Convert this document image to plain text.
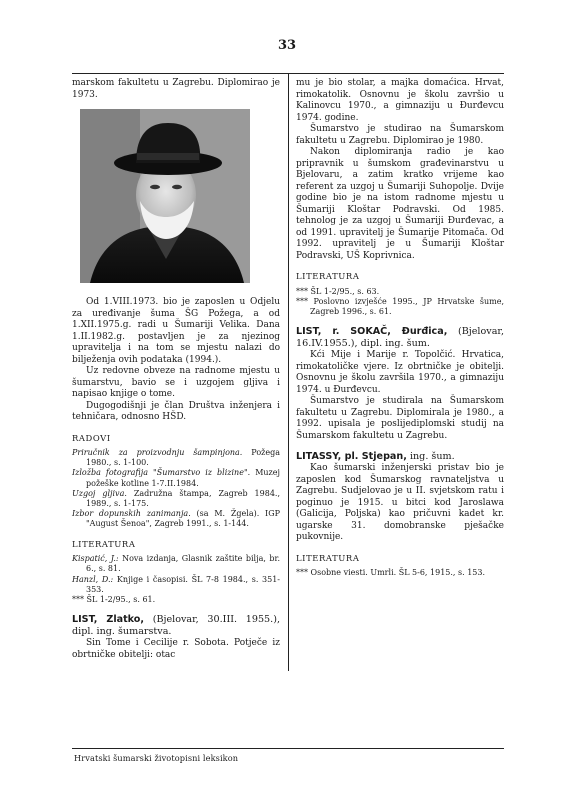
33

marskom fakultetu u Zagrebu. Diplomirao je 1973.

Od 1.VIII.1973. bio je zaposlen u Odjelu za uređivanje šuma ŠG Požega, a od 1.XII.1975.g. radi u Šumariji Velika. Dana 1.II.1982.g. postavljen je za njezinog upravitelja i na tom se mjestu nalazi do bilježenja ovih podataka (1994.).

Uz redovne obveze na radnome mjestu u šumarstvu, bavio se i uzgojem gljiva i napisao knjige o tome.

Dugogodišnji je član Društva inženjera i tehničara, odnosno HŠD.

RADOVI

Priručnik za proizvodnju šampinjona. Požega 1980., s. 1-100.

Izložba fotografija "Šumarstvo iz blizine". Muzej požeške kotline 1-7.II.1984.

Uzgoj gljiva. Zadružna štampa, Zagreb 1984., 1989., s. 1-175.

Izbor dopunskih zanimanja. (sa M. Žgela). IGP "August Šenoa", Zagreb 1991., s. 1-144.

LITERATURA

Kispatić, J.: Nova izdanja, Glasnik zaštite bilja, br. 6., s. 81.

Hanzl, D.: Knjige i časopisi. ŠL 7-8 1984., s. 351-353.

*** ŠL 1-2/95., s. 61.

LIST, Zlatko, (Bjelovar, 30.III. 1955.), dipl. ing. šumarstva.

Sin Tome i Cecilije r. Sobota. Potječe iz obrtničke obitelji: otac

mu je bio stolar, a majka domaćica. Hrvat, rimokatolik. Osnovnu je školu završio u Kalinovcu 1970., a gimnaziju u Đurđevcu 1974. godine.

Šumarstvo je studirao na Šumarskom fakultetu u Zagrebu. Diplomirao je 1980.

Nakon diplomiranja radio je kao pripravnik u šumskom građevinarstvu u Bjelovaru, a zatim kratko vrijeme kao referent za uzgoj u Šumariji Suhopolje. Dvije godine bio je na istom radnome mjestu u Šumariji Kloštar Podravski. Od 1985. tehnolog je za uzgoj u Šumariji Đurđevac, a od 1991. upravitelj je Šumarije Pitomača. Od 1992. upravitelj je u Šumariji Kloštar Podravski, UŠ Koprivnica.

LITERATURA

*** ŠL 1-2/95., s. 63.

*** Poslovno izvješće 1995., JP Hrvatske šume, Zagreb 1996., s. 61.

LIST, r. SOKAČ, Đurđica, (Bjelovar, 16.IV.1955.), dipl. ing. šum.

Kći Mije i Marije r. Topolčić. Hrvatica, rimokatoličke vjere. Iz obrtničke je obitelji. Osnovnu je školu završila 1970., a gimnaziju 1974. u Đurđevcu.

Šumarstvo je studirala na Šumarskom fakultetu u Zagrebu. Diplomirala je 1980., a 1992. upisala je poslijediplomski studij na Šumarskom fakultetu u Zagrebu.

LITASSY, pl. Stjepan, ing. šum.

Kao šumarski inženjerski pristav bio je zaposlen kod Šumarskog ravnateljstva u Zagrebu. Sudjelovao je u II. svjetskom ratu i poginuo je 1915. u bitci kod Jaroslawa (Galicija, Poljska) kao pričuvni kadet kr. ugarske 31. domobranske pješačke pukovnije.

LITERATURA

*** Osobne viesti. Umrli. ŠL 5-6, 1915., s. 153.

Hrvatski šumarski životopisni leksikon
